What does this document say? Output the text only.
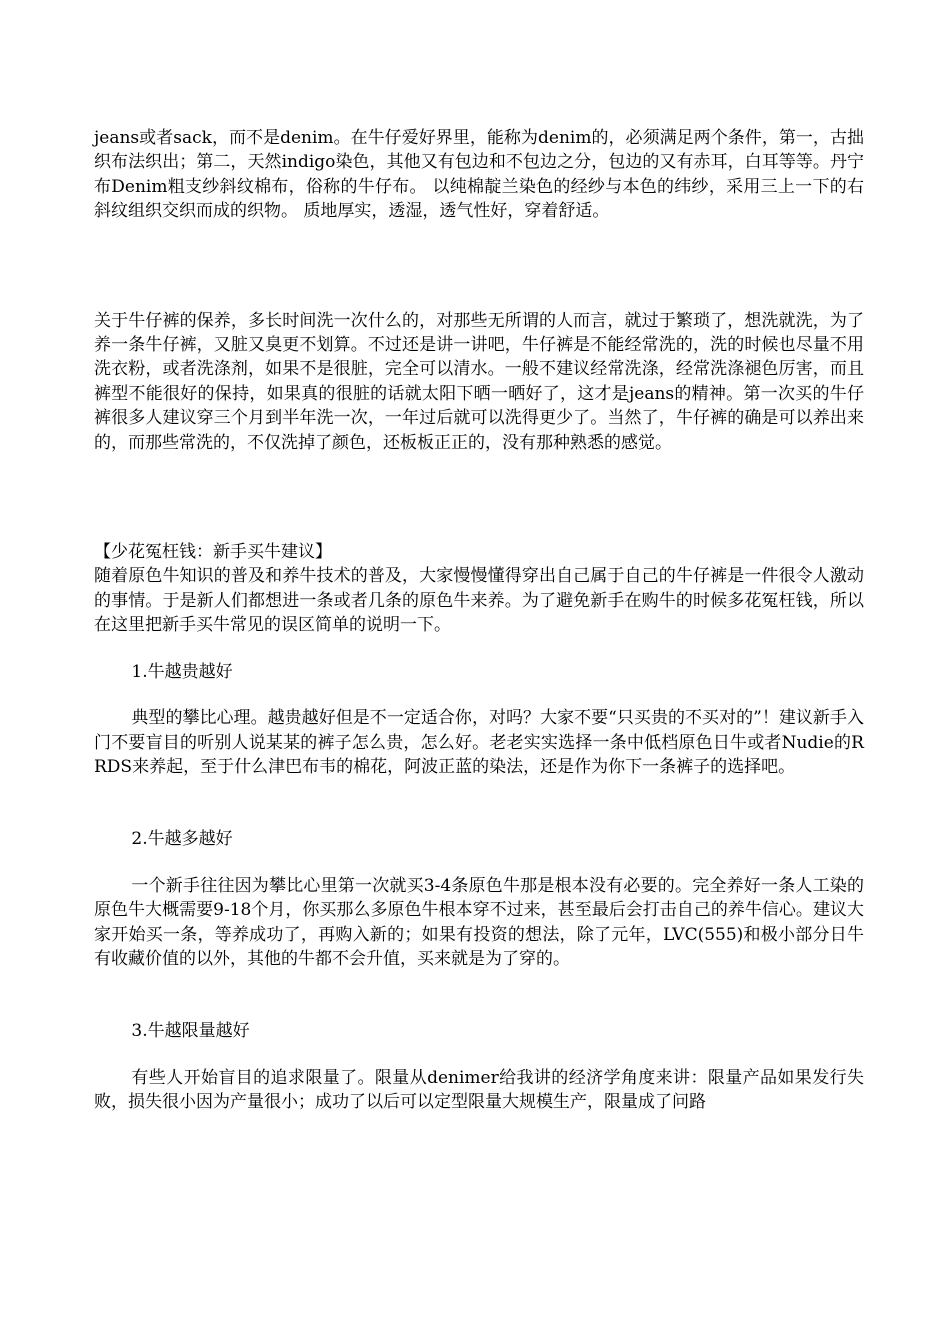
jeans或者sack，而不是denim。在牛仔爱好界里，能称为denim的，必须满足两个条件，第一，古拙织布法织出；第二，天然indigo染色，其他又有包边和不包边之分，包边的又有赤耳，白耳等等。丹宁布Denim粗支纱斜纹棉布，俗称的牛仔布。 以纯棉靛兰染色的经纱与本色的纬纱，采用三上一下的右斜纹组织交织而成的织物。 质地厚实，透湿，透气性好，穿着舒适。

关于牛仔裤的保养，多长时间洗一次什么的，对那些无所谓的人而言，就过于繁琐了，想洗就洗，为了养一条牛仔裤，又脏又臭更不划算。不过还是讲一讲吧，牛仔裤是不能经常洗的，洗的时候也尽量不用洗衣粉，或者洗涤剂，如果不是很脏，完全可以清水。一般不建议经常洗涤，经常洗涤褪色厉害，而且裤型不能很好的保持，如果真的很脏的话就太阳下晒一晒好了，这才是jeans的精神。第一次买的牛仔裤很多人建议穿三个月到半年洗一次，一年过后就可以洗得更少了。当然了，牛仔裤的确是可以养出来的，而那些常洗的，不仅洗掉了颜色，还板板正正的，没有那种熟悉的感觉。

【少花冤枉钱：新手买牛建议】

随着原色牛知识的普及和养牛技术的普及，大家慢慢懂得穿出自己属于自己的牛仔裤是一件很令人激动的事情。于是新人们都想进一条或者几条的原色牛来养。为了避免新手在购牛的时候多花冤枉钱，所以在这里把新手买牛常见的误区简单的说明一下。

1.牛越贵越好

典型的攀比心理。越贵越好但是不一定适合你，对吗？大家不要“只买贵的不买对的”！建议新手入门不要盲目的听别人说某某的裤子怎么贵，怎么好。老老实实选择一条中低档原色日牛或者Nudie的RRDS来养起，至于什么津巴布韦的棉花，阿波正蓝的染法，还是作为你下一条裤子的选择吧。

2.牛越多越好

一个新手往往因为攀比心里第一次就买3-4条原色牛那是根本没有必要的。完全养好一条人工染的原色牛大概需要9-18个月，你买那么多原色牛根本穿不过来，甚至最后会打击自己的养牛信心。建议大家开始买一条，等养成功了，再购入新的；如果有投资的想法，除了元年，LVC(555)和极小部分日牛有收藏价值的以外，其他的牛都不会升值，买来就是为了穿的。

3.牛越限量越好

有些人开始盲目的追求限量了。限量从denimer给我讲的经济学角度来讲：限量产品如果发行失败，损失很小因为产量很小；成功了以后可以定型限量大规模生产，限量成了问路
